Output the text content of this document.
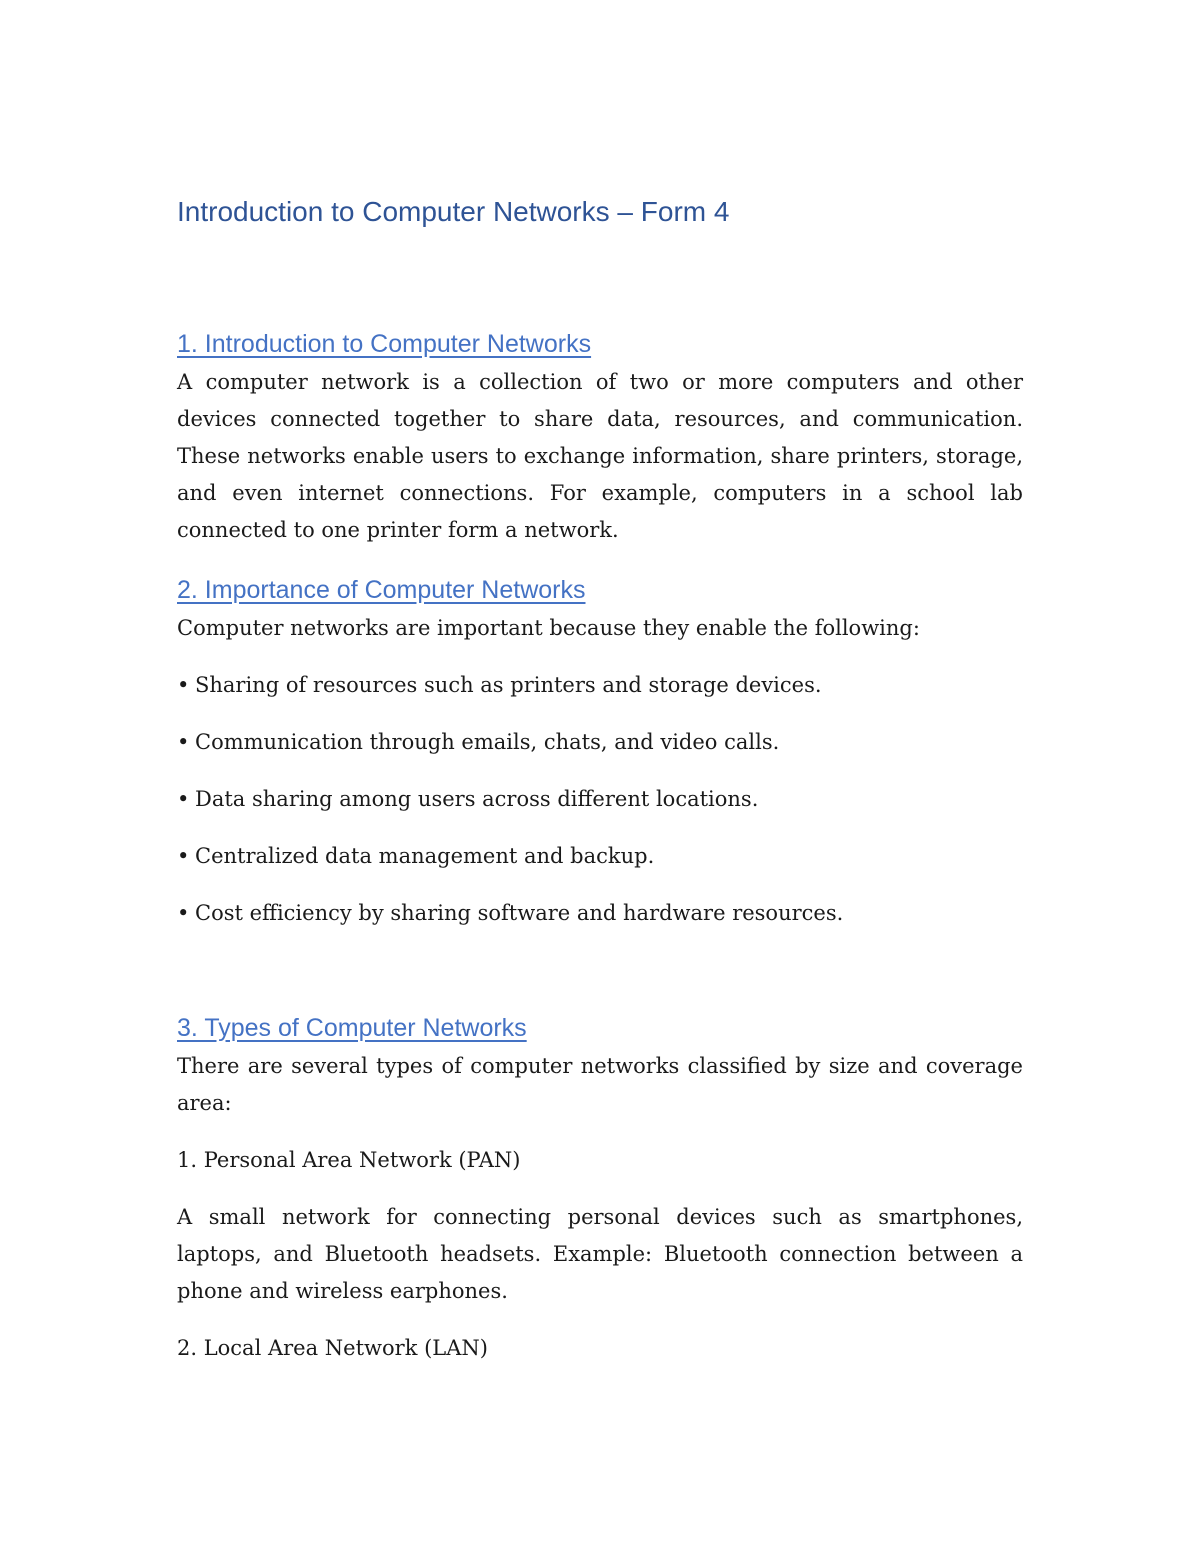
Introduction to Computer Networks – Form 4
1. Introduction to Computer Networks

A computer network is a collection of two or more computers and other devices connected together to share data, resources, and communication. These networks enable users to exchange information, share printers, storage, and even internet connections. For example, computers in a school lab connected to one printer form a network.

2. Importance of Computer Networks

Computer networks are important because they enable the following:

• Sharing of resources such as printers and storage devices.
• Communication through emails, chats, and video calls.
• Data sharing among users across different locations.
• Centralized data management and backup.
• Cost efficiency by sharing software and hardware resources.
3. Types of Computer Networks

There are several types of computer networks classified by size and coverage area:

1. Personal Area Network (PAN)

A small network for connecting personal devices such as smartphones, laptops, and Bluetooth headsets. Example: Bluetooth connection between a phone and wireless earphones.

2. Local Area Network (LAN)
